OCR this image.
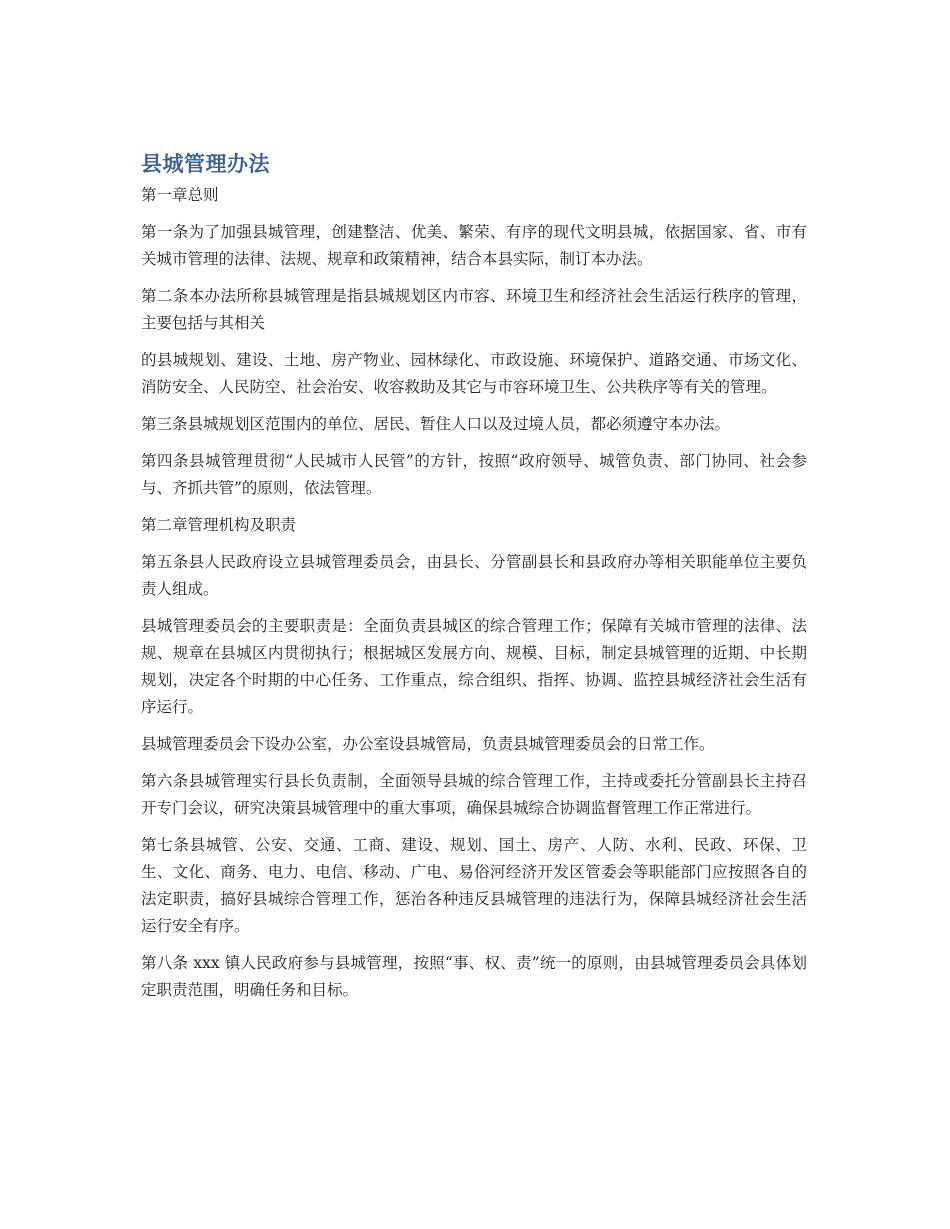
县城管理办法

第一章总则

第一条为了加强县城管理，创建整洁、优美、繁荣、有序的现代文明县城，依据国家、省、市有关城市管理的法律、法规、规章和政策精神，结合本县实际，制订本办法。

第二条本办法所称县城管理是指县城规划区内市容、环境卫生和经济社会生活运行秩序的管理，主要包括与其相关

的县城规划、建设、土地、房产物业、园林绿化、市政设施、环境保护、道路交通、市场文化、消防安全、人民防空、社会治安、收容救助及其它与市容环境卫生、公共秩序等有关的管理。

第三条县城规划区范围内的单位、居民、暂住人口以及过境人员，都必须遵守本办法。

第四条县城管理贯彻“人民城市人民管”的方针，按照“政府领导、城管负责、部门协同、社会参与、齐抓共管”的原则，依法管理。

第二章管理机构及职责

第五条县人民政府设立县城管理委员会，由县长、分管副县长和县政府办等相关职能单位主要负责人组成。

县城管理委员会的主要职责是：全面负责县城区的综合管理工作；保障有关城市管理的法律、法规、规章在县城区内贯彻执行；根据城区发展方向、规模、目标，制定县城管理的近期、中长期规划，决定各个时期的中心任务、工作重点，综合组织、指挥、协调、监控县城经济社会生活有序运行。

县城管理委员会下设办公室，办公室设县城管局，负责县城管理委员会的日常工作。

第六条县城管理实行县长负责制，全面领导县城的综合管理工作，主持或委托分管副县长主持召开专门会议，研究决策县城管理中的重大事项，确保县城综合协调监督管理工作正常进行。

第七条县城管、公安、交通、工商、建设、规划、国土、房产、人防、水利、民政、环保、卫生、文化、商务、电力、电信、移动、广电、易俗河经济开发区管委会等职能部门应按照各自的法定职责，搞好县城综合管理工作，惩治各种违反县城管理的违法行为，保障县城经济社会生活运行安全有序。

第八条 xxx 镇人民政府参与县城管理，按照“事、权、责”统一的原则，由县城管理委员会具体划定职责范围，明确任务和目标。
